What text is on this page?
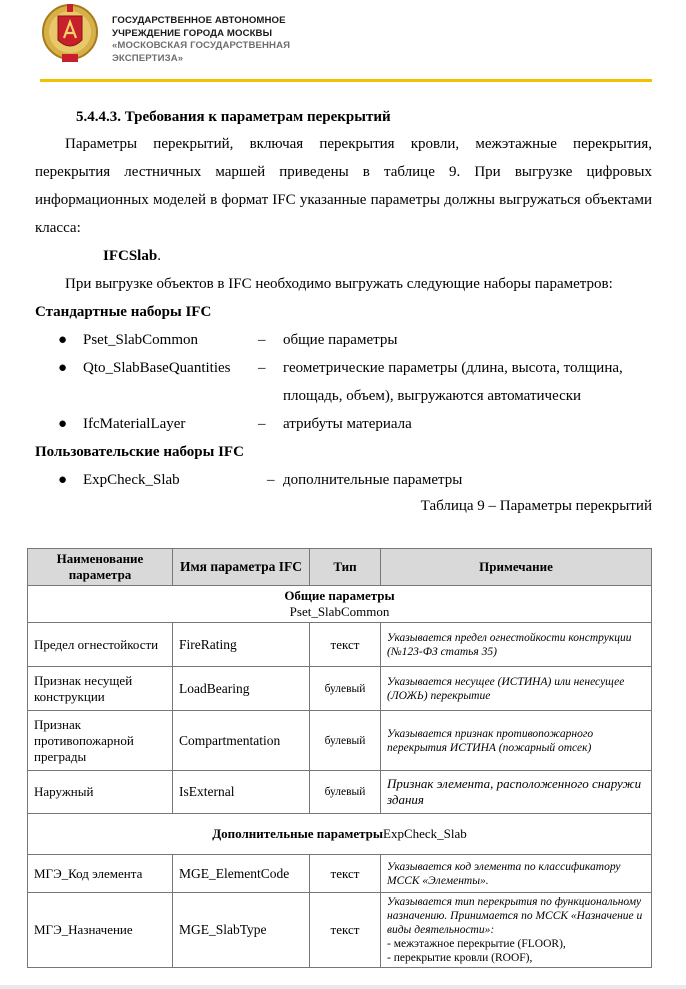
ГОСУДАРСТВЕННОЕ АВТОНОМНОЕ
УЧРЕЖДЕНИЕ ГОРОДА МОСКВЫ
«МОСКОВСКАЯ ГОСУДАРСТВЕННАЯ
ЭКСПЕРТИЗА»
5.4.4.3. Требования к параметрам перекрытий

Параметры перекрытий, включая перекрытия кровли, межэтажные перекрытия, перекрытия лестничных маршей приведены в таблице 9. При выгрузке цифровых информационных моделей в формат IFC указанные параметры должны выгружаться объектами класса:

IFCSlab.

При выгрузке объектов в IFC необходимо выгружать следующие наборы параметров:

Стандартные наборы IFC
● Pset_SlabCommon	– общие параметры
● Qto_SlabBaseQuantities – геометрические параметры (длина, высота, толщина, площадь, объем), выгружаются автоматически
● IfcMaterialLayer	– атрибуты материала
Пользовательские наборы IFC
● ExpCheck_Slab	– дополнительные параметры
Таблица 9 – Параметры перекрытий
Наименование параметра	Имя параметра IFC	Тип	Примечание
Общие параметры
Pset_SlabCommon			
Предел огнестойкости	FireRating	текст	Указывается предел огнестойкости конструкции (№123-ФЗ статья 35)
Признак несущей конструкции	LoadBearing	булевый	Указывается несущее (ИСТИНА) или ненесущее (ЛОЖЬ) перекрытие
Признак противопожарной преграды	Compartmentation	булевый	Указывается признак противопожарного перекрытия ИСТИНА (пожарный отсек)
Наружный	IsExternal	булевый	Признак элемента, расположенного снаружи здания
Дополнительные параметрыExpCheck_Slab			
МГЭ_Код элемента	MGE_ElementCode	текст	Указывается код элемента по классификатору МССК «Элементы».
МГЭ_Назначение	MGE_SlabType	текст	Указывается тип перекрытия по функциональному назначению. Принимается по МССК «Назначение и виды деятельности»:
- межэтажное перекрытие (FLOOR),
- перекрытие кровли (ROOF),
